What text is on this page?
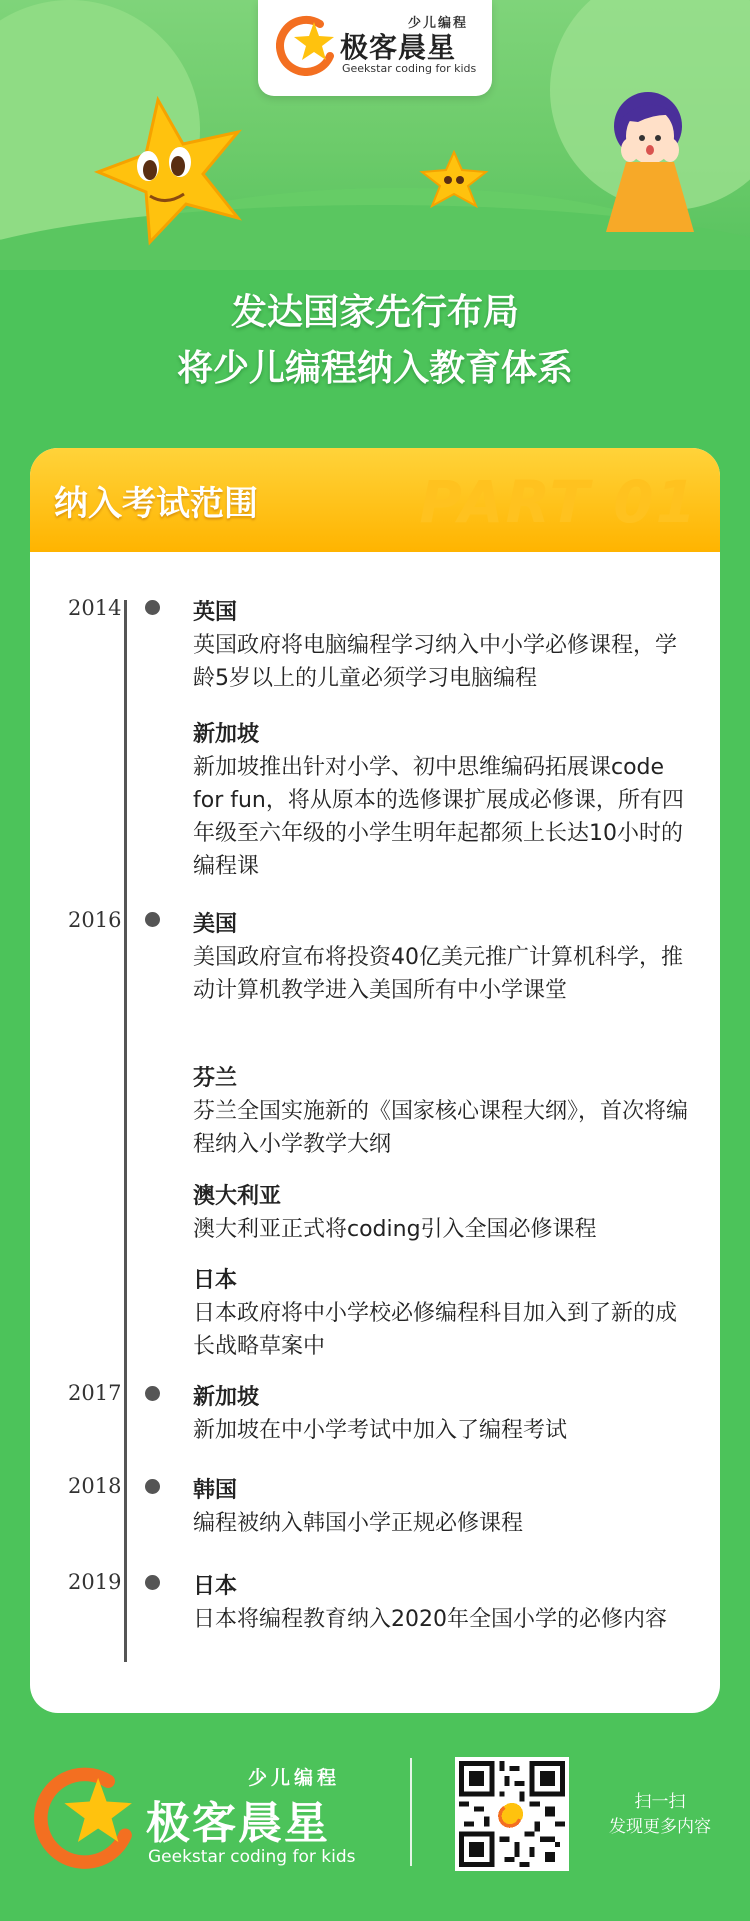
少儿编程
极客晨星
Geekstar coding for kids
发达国家先行布局
将少儿编程纳入教育体系
纳入考试范围	PART 01
2014	英国
英国政府将电脑编程学习纳入中小学必修课程，学龄5岁以上的儿童必须学习电脑编程
新加坡
新加坡推出针对小学、初中思维编码拓展课code for fun，将从原本的选修课扩展成必修课，所有四年级至六年级的小学生明年起都须上长达10小时的编程课
2016	美国
美国政府宣布将投资40亿美元推广计算机科学，推动计算机教学进入美国所有中小学课堂
芬兰
芬兰全国实施新的《国家核心课程大纲》，首次将编程纳入小学教学大纲
澳大利亚
澳大利亚正式将coding引入全国必修课程
日本
日本政府将中小学校必修编程科目加入到了新的成长战略草案中
2017	新加坡
新加坡在中小学考试中加入了编程考试
2018	韩国
编程被纳入韩国小学正规必修课程
2019	日本
日本将编程教育纳入2020年全国小学的必修内容
少儿编程
极客晨星
Geekstar coding for kids
扫一扫
发现更多内容
